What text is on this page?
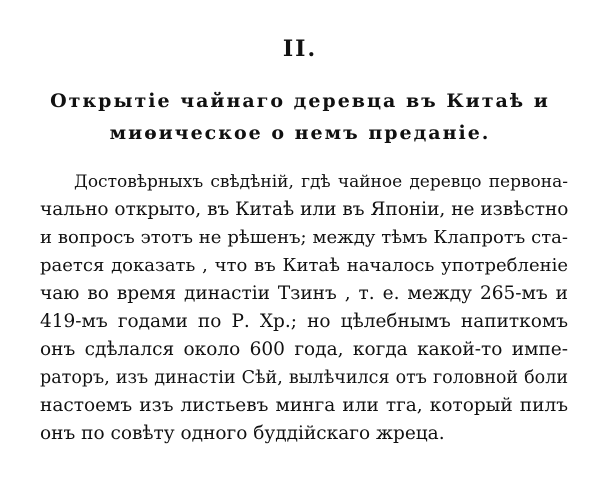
II.
Открытіе чайнаго деревца въ Китаѣ и
миѳическое о немъ преданіе.
Достовѣрныхъ свѣдѣній, гдѣ чайное деревцо первона-
чально открыто, въ Китаѣ или въ Японіи, не извѣстно
и вопросъ этотъ не рѣшенъ; между тѣмъ Клапротъ ста-
рается доказать , что въ Китаѣ началось употребленіе
чаю во время династіи Тзинъ , т. е. между 265-мъ и
419-мъ годами по Р. Хр.; но цѣлебнымъ напиткомъ
онъ сдѣлался около 600 года, когда какой-то импе-
раторъ, изъ династіи Сѣй, вылѣчился отъ головной боли
настоемъ изъ листьевъ мингa или тга, который пилъ
онъ по совѣту одного буддійскаго жреца.
